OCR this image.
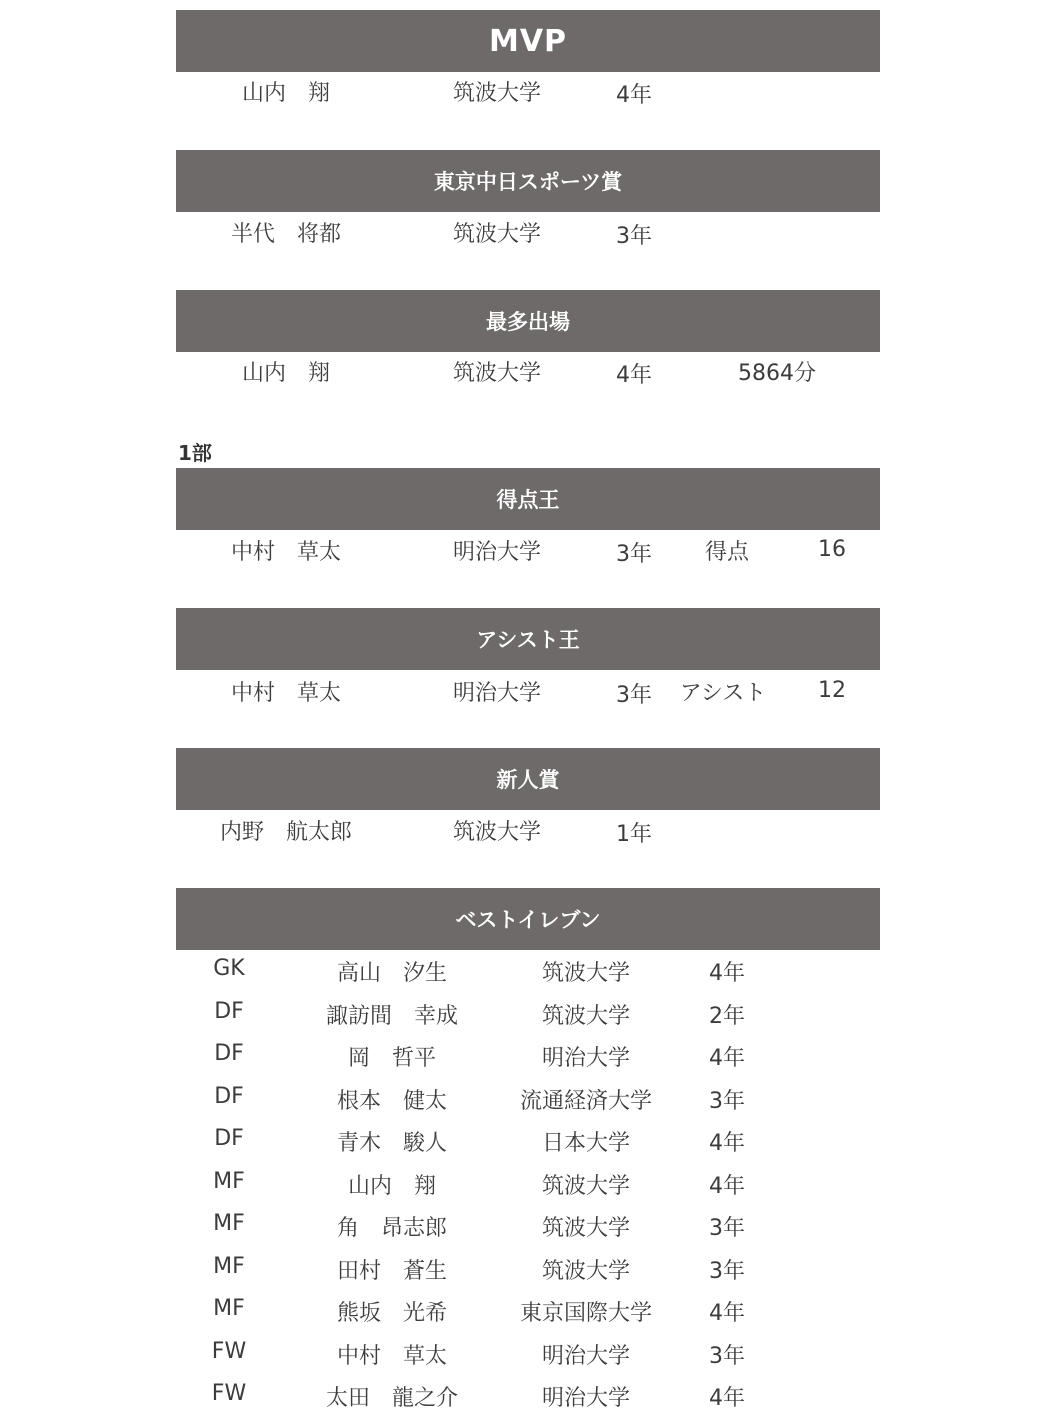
MVP
山内　翔	筑波大学	4年
東京中日スポーツ賞
半代　将都	筑波大学	3年
最多出場
山内　翔	筑波大学	4年	5864分
1部
得点王
中村　草太	明治大学	3年 得点	16
アシスト王
中村　草太	明治大学	3年 アシスト 12
新人賞
内野　航太郎	筑波大学	1年
ベストイレブン
GK	高山　汐生	筑波大学	4年
DF	諏訪間　幸成	筑波大学	2年
DF	岡　哲平	明治大学	4年
DF	根本　健太	流通経済大学	3年
DF	青木　駿人	日本大学	4年
MF	山内　翔	筑波大学	4年
MF	角　昂志郎	筑波大学	3年
MF	田村　蒼生	筑波大学	3年
MF	熊坂　光希	東京国際大学	4年
FW	中村　草太	明治大学	3年
FW	太田　龍之介	明治大学	4年
